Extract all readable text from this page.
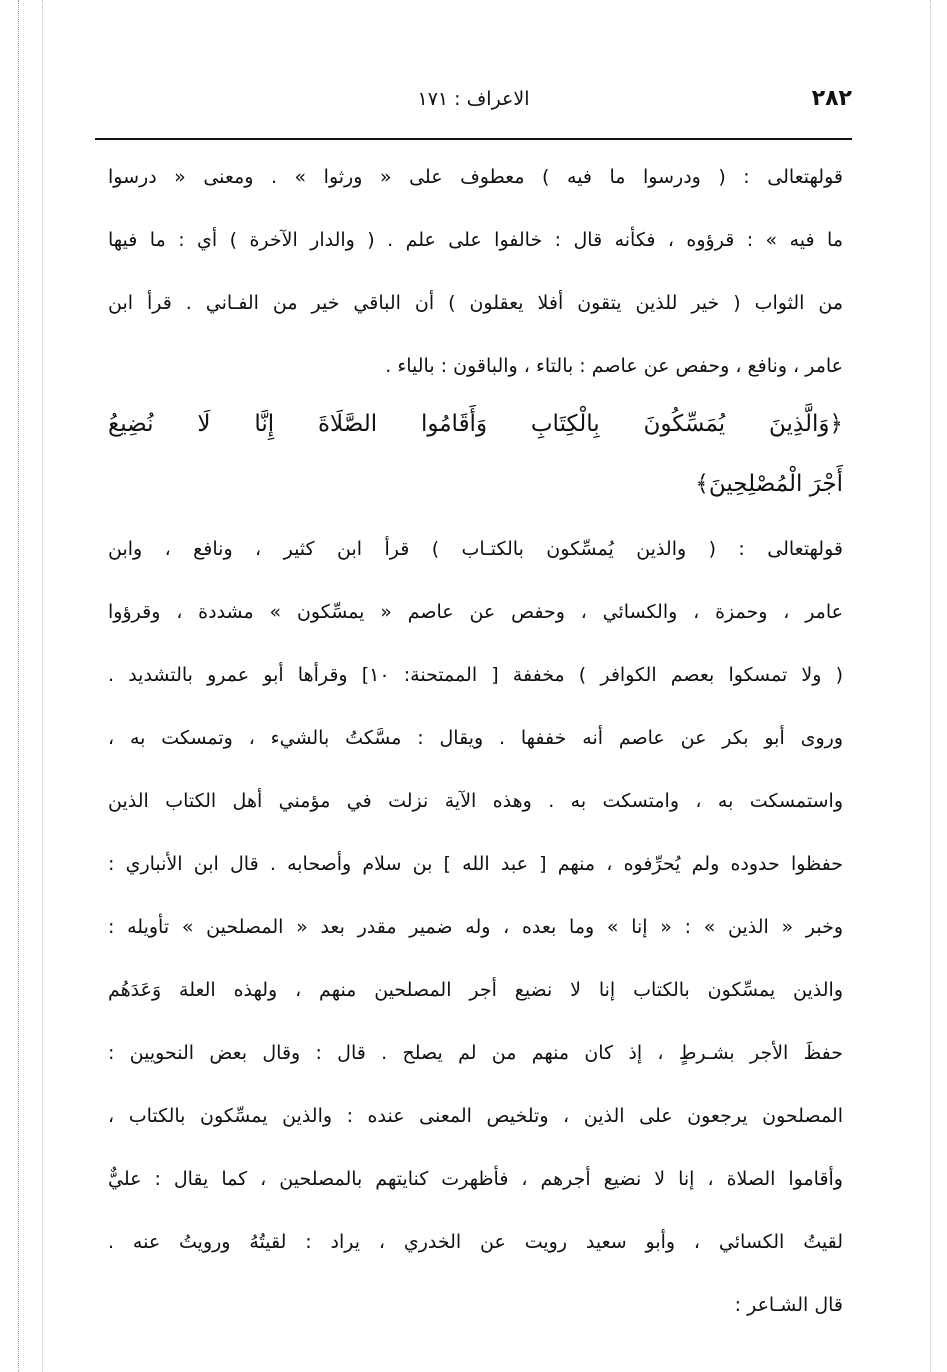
٢٨٢
الاعراف : ١٧١
قولهتعالى : ( ودرسوا ما فيه ) معطوف على « ورثوا » . ومعنى « درسوا
ما فيه » : قرؤوه ، فكأنه قال : خالفوا على علم . ( والدار الآخرة ) أي : ما فيها
من الثواب ( خير للذين يتقون أفلا يعقلون ) أن الباقي خير من الفـاني . قرأ ابن
عامر ، ونافع ، وحفص عن عاصم : بالتاء ، والباقون : بالياء .
﴿وَالَّذِينَ يُمَسِّكُونَ بِالْكِتَابِ وَأَقَامُوا الصَّلَاةَ إِنَّا لَا نُضِيعُ
أَجْرَ الْمُصْلِحِينَ﴾
قولهتعالى : ( والذين يُمسِّكون بالكتـاب ) قرأ ابن كثير ، ونافع ، وابن
عامر ، وحمزة ، والكسائي ، وحفص عن عاصم « يمسِّكون » مشددة ، وقرؤوا
( ولا تمسكوا بعصم الكوافر ) مخففة [ الممتحنة: ١٠] وقرأها أبو عمرو بالتشديد .
وروى أبو بكر عن عاصم أنه خففها . ويقال : مسَّكتُ بالشيء ، وتمسكت به ،
واستمسكت به ، وامتسكت به . وهذه الآية نزلت في مؤمني أهل الكتاب الذين
حفظوا حدوده ولم يُحرِّفوه ، منهم [ عبد الله ] بن سلام وأصحابه . قال ابن الأنباري :
وخبر « الذين » : « إنا » وما بعده ، وله ضمير مقدر بعد « المصلحين » تأويله :
والذين يمسِّكون بالكتاب إنا لا نضيع أجر المصلحين منهم ، ولهذه العلة وَعَدَهُم
حفظَ الأجر بشـرطٍ ، إذ كان منهم من لم يصلح . قال : وقال بعض النحويين :
المصلحون يرجعون على الذين ، وتلخيص المعنى عنده : والذين يمسِّكون بالكتاب ،
وأقاموا الصلاة ، إنا لا نضيع أجرهم ، فأظهرت كنايتهم بالمصلحين ، كما يقال : عليٌّ
لقيتُ الكسائي ، وأبو سعيد رويت عن الخدري ، يراد : لقيتُهُ ورويتُ عنه .
قال الشـاعر :
